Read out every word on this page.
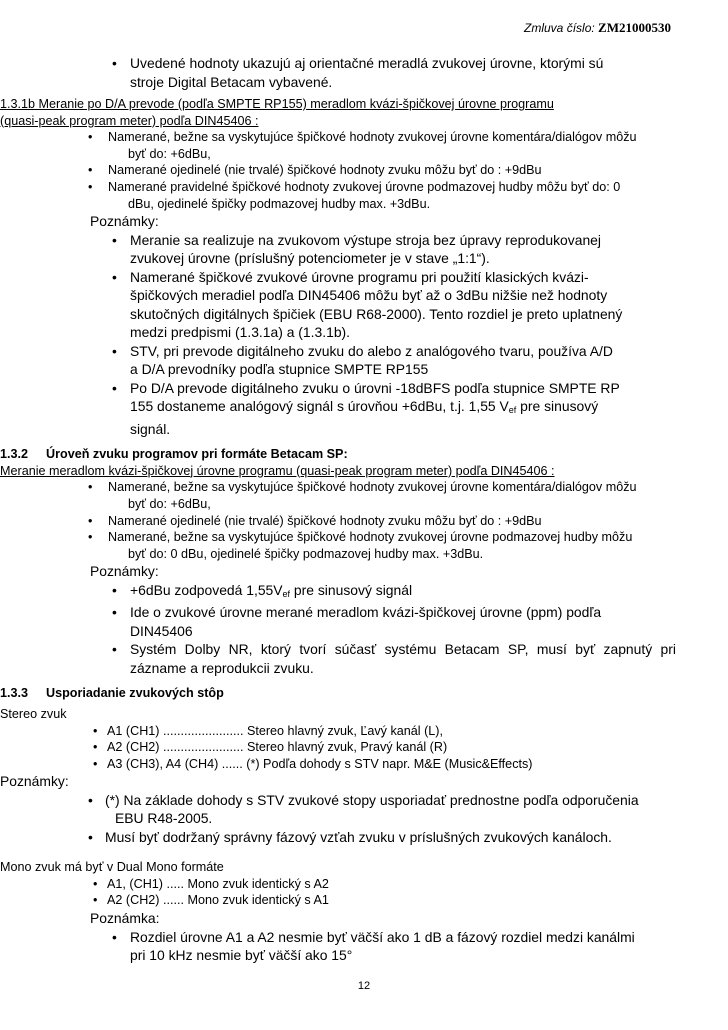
Zmluva číslo: ZM21000530
• Uvedené hodnoty ukazujú aj orientačné meradlá zvukovej úrovne, ktorými sú
stroje Digital Betacam vybavené.
1.3.1b Meranie po D/A prevode (podľa SMPTE RP155) meradlom kvázi-špičkovej úrovne programu
(quasi-peak program meter) podľa DIN45406 :
• Namerané, bežne sa vyskytujúce špičkové hodnoty zvukovej úrovne komentára/dialógov môžu
byť do: +6dBu,
• Namerané ojedinelé (nie trvalé) špičkové hodnoty zvuku môžu byť do : +9dBu
• Namerané pravidelné špičkové hodnoty zvukovej úrovne podmazovej hudby môžu byť do: 0
dBu, ojedinelé špičky podmazovej hudby max. +3dBu.
Poznámky:
• Meranie sa realizuje na zvukovom výstupe stroja bez úpravy reprodukovanej
zvukovej úrovne (príslušný potenciometer je v stave „1:1“).
• Namerané špičkové zvukové úrovne programu pri použití klasických kvázi-
špičkových meradiel podľa DIN45406 môžu byť až o 3dBu nižšie než hodnoty
skutočných digitálnych špičiek (EBU R68-2000). Tento rozdiel je preto uplatnený
medzi predpismi (1.3.1a) a (1.3.1b).
• STV, pri prevode digitálneho zvuku do alebo z analógového tvaru, používa A/D
a D/A prevodníky podľa stupnice SMPTE RP155
• Po D/A prevode digitálneho zvuku o úrovni -18dBFS podľa stupnice SMPTE RP
155 dostaneme analógový signál s úrovňou +6dBu, t.j. 1,55 $V_{ef}$ pre sinusový
signál.
1.3.2 Úroveň zvuku programov pri formáte Betacam SP:
Meranie meradlom kvázi-špičkovej úrovne programu (quasi-peak program meter) podľa DIN45406 :
• Namerané, bežne sa vyskytujúce špičkové hodnoty zvukovej úrovne komentára/dialógov môžu
byť do: +6dBu,
• Namerané ojedinelé (nie trvalé) špičkové hodnoty zvuku môžu byť do : +9dBu
• Namerané, bežne sa vyskytujúce špičkové hodnoty zvukovej úrovne podmazovej hudby môžu
byť do: 0 dBu, ojedinelé špičky podmazovej hudby max. +3dBu.
Poznámky:
• +6dBu zodpovedá $1,55V_{ef}$ pre sinusový signál
• Ide o zvukové úrovne merané meradlom kvázi-špičkovej úrovne (ppm) podľa
DIN45406
• Systém Dolby NR, ktorý tvorí súčasť systému Betacam SP, musí byť zapnutý pri zázname a reprodukcii zvuku.
1.3.3 Usporiadanie zvukových stôp
Stereo zvuk
• A1 (CH1) ....................... Stereo hlavný zvuk, Ľavý kanál (L),
• A2 (CH2) ....................... Stereo hlavný zvuk, Pravý kanál (R)
• A3 (CH3), A4 (CH4) ...... (*) Podľa dohody s STV napr. M&E (Music&Effects)
Poznámky:
• (*) Na základe dohody s STV zvukové stopy usporiadať prednostne podľa odporučenia
EBU R48-2005.
• Musí byť dodržaný správny fázový vzťah zvuku v príslušných zvukových kanáloch.
Mono zvuk má byť v Dual Mono formáte
• A1, (CH1) ..... Mono zvuk identický s A2
• A2 (CH2) ...... Mono zvuk identický s A1
Poznámka:
• Rozdiel úrovne A1 a A2 nesmie byť väčší ako 1 dB a fázový rozdiel medzi kanálmi
pri 10 kHz nesmie byť väčší ako 15°
12
